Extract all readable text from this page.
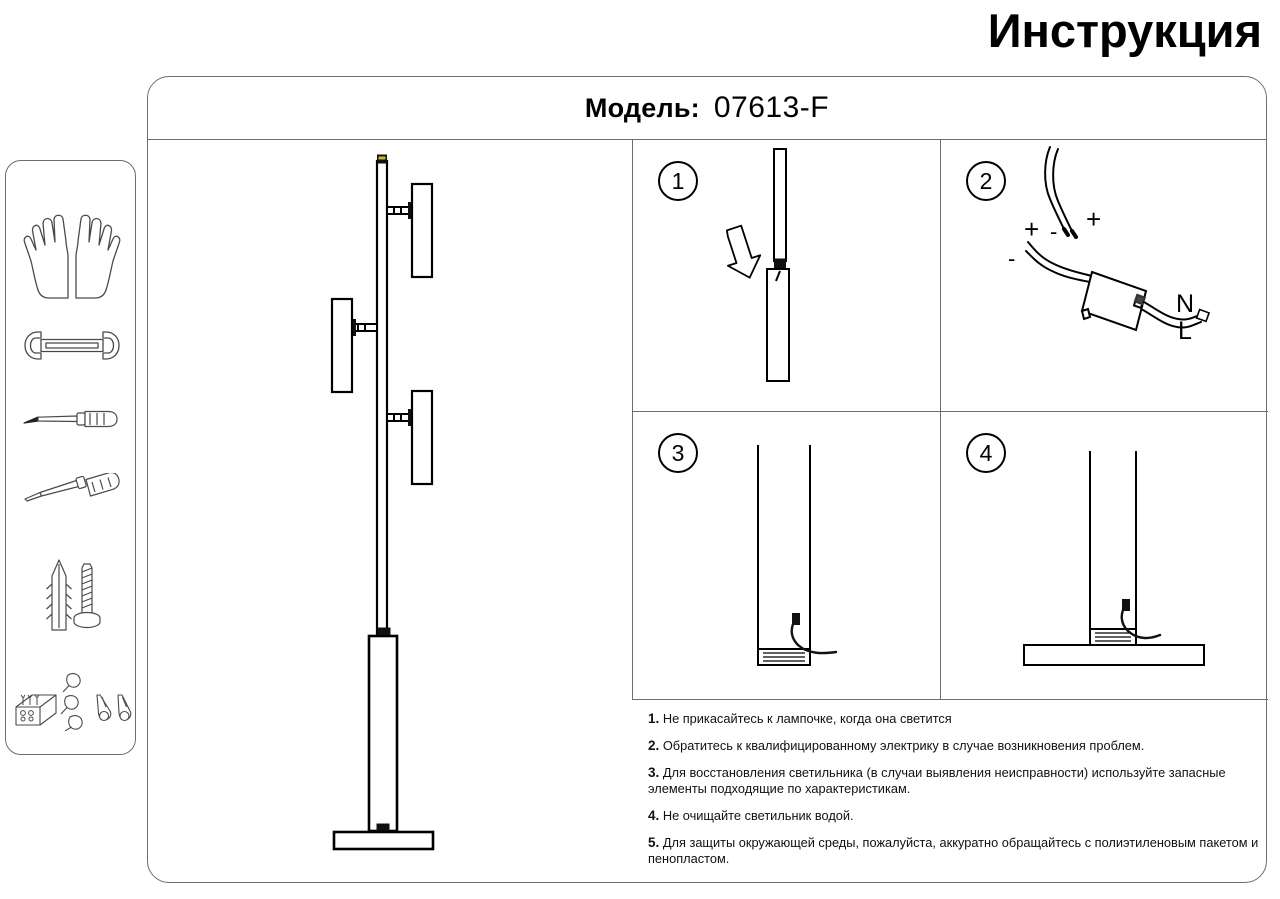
Инструкция
Модель: 07613-F
1	2
+
-
+
-
N
L
3	4
1. Не прикасайтесь к лампочке, когда она светится
2. Обратитесь к квалифицированному электрику в случае возникновения проблем.
3. Для восстановления светильника (в случаи выявления неисправности) используйте запасные элементы подходящие по характеристикам.
4. Не очищайте светильник водой.
5. Для защиты окружающей среды, пожалуйста, аккуратно обращайтесь с полиэтиленовым пакетом и пенопластом.
